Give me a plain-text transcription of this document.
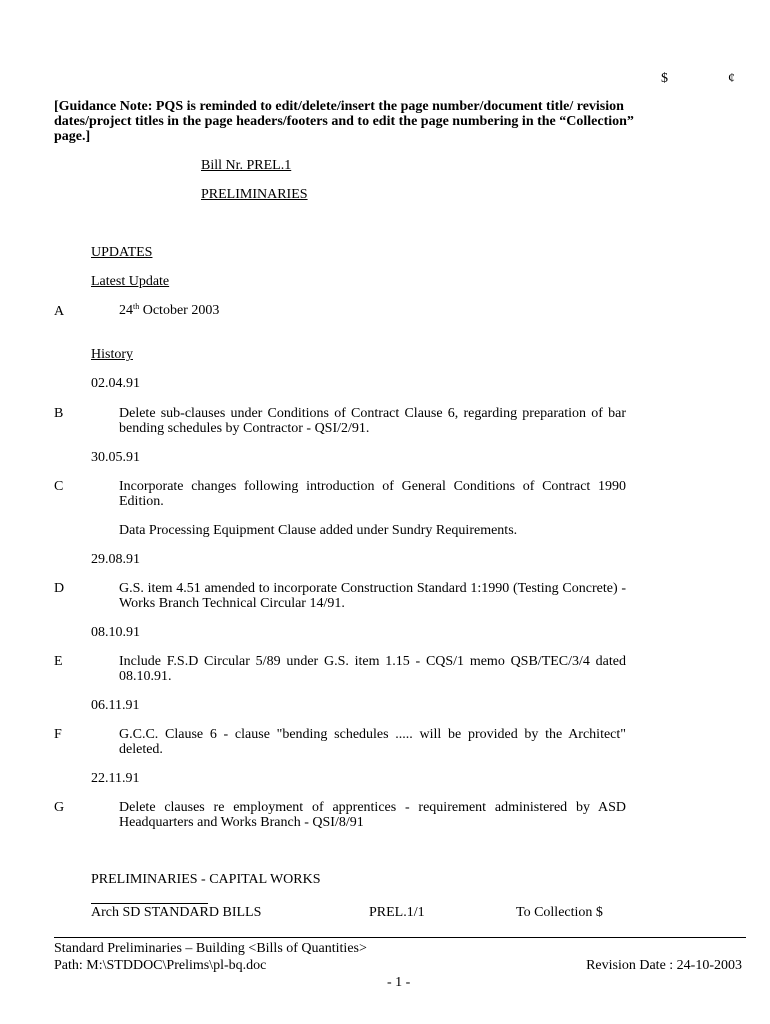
$	¢
[Guidance Note: PQS is reminded to edit/delete/insert the page number/document title/ revision dates/project titles in the page headers/footers and to edit the page numbering in the “Collection” page.]
Bill Nr. PREL.1
PRELIMINARIES
UPDATES
Latest Update
A	24th October 2003
History
02.04.91
B	Delete sub-clauses under Conditions of Contract Clause 6, regarding preparation of bar bending schedules by Contractor - QSI/2/91.
30.05.91
C	Incorporate changes following introduction of General Conditions of Contract 1990 Edition.
Data Processing Equipment Clause added under Sundry Requirements.
29.08.91
D	G.S. item 4.51 amended to incorporate Construction Standard 1:1990 (Testing Concrete) - Works Branch Technical Circular 14/91.
08.10.91
E	Include F.S.D Circular 5/89 under G.S. item 1.15 - CQS/1 memo QSB/TEC/3/4 dated 08.10.91.
06.11.91
F	G.C.C. Clause 6 - clause "bending schedules ..... will be provided by the Architect" deleted.
22.11.91
G	Delete clauses re employment of apprentices - requirement administered by ASD Headquarters and Works Branch - QSI/8/91
PRELIMINARIES - CAPITAL WORKS
Arch SD STANDARD BILLS	PREL.1/1	To Collection $
Standard Preliminaries – Building <Bills of Quantities>
Path: M:\STDDOC\Prelims\pl-bq.doc	Revision Date : 24-10-2003
- 1 -
